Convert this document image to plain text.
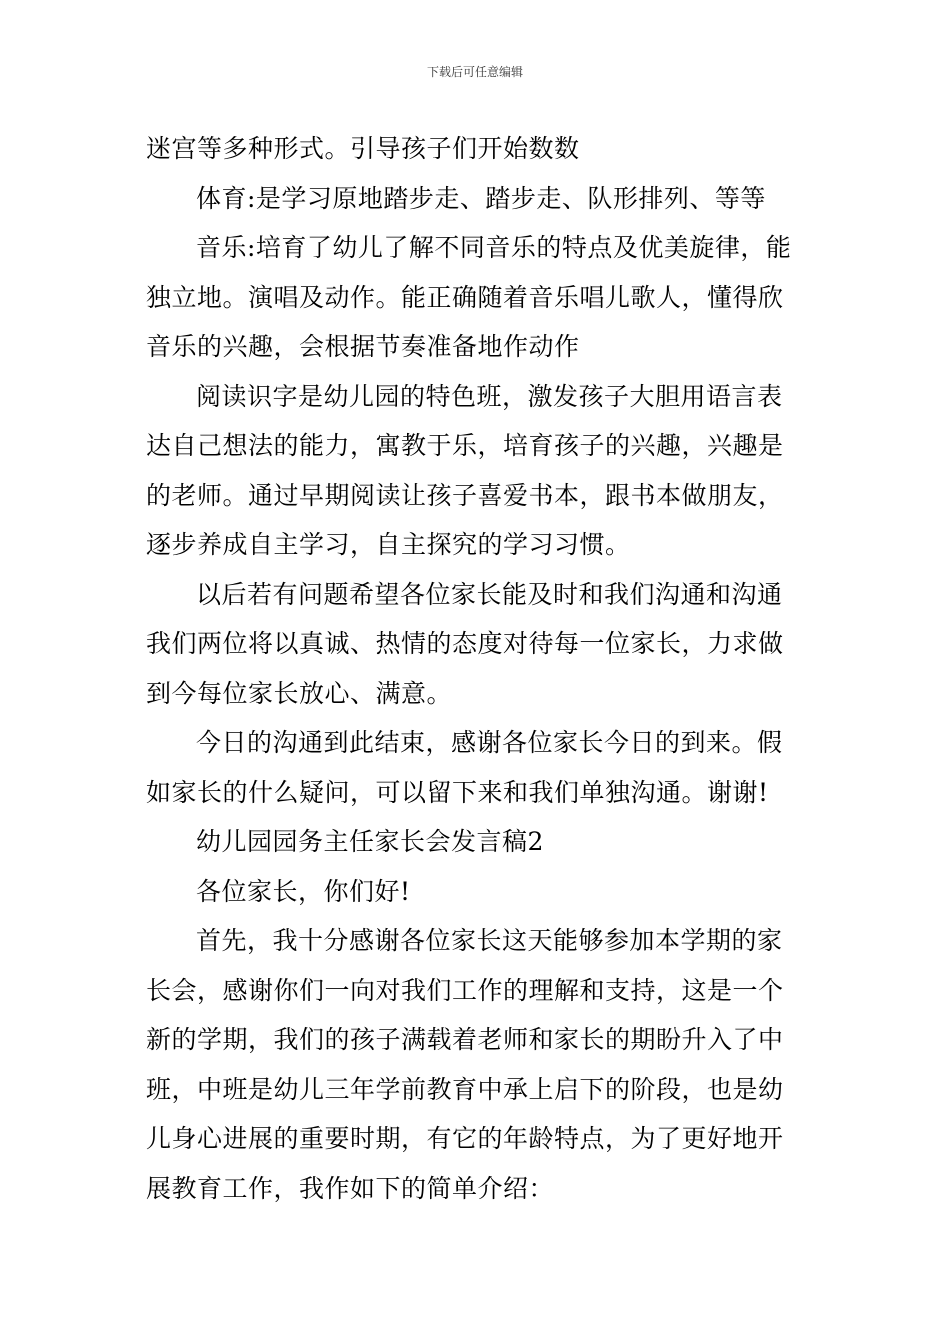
下载后可任意编辑
迷宫等多种形式。引导孩子们开始数数
体育:是学习原地踏步走、踏步走、队形排列、等等
音乐:培育了幼儿了解不同音乐的特点及优美旋律，能
独立地。演唱及动作。能正确随着音乐唱儿歌人，懂得欣
音乐的兴趣，会根据节奏准备地作动作
阅读识字是幼儿园的特色班，激发孩子大胆用语言表
达自己想法的能力，寓教于乐，培育孩子的兴趣，兴趣是
的老师。通过早期阅读让孩子喜爱书本，跟书本做朋友，
逐步养成自主学习，自主探究的学习习惯。
以后若有问题希望各位家长能及时和我们沟通和沟通
我们两位将以真诚、热情的态度对待每一位家长，力求做
到今每位家长放心、满意。
今日的沟通到此结束，感谢各位家长今日的到来。假
如家长的什么疑问，可以留下来和我们单独沟通。谢谢!
幼儿园园务主任家长会发言稿2
各位家长，你们好!
首先，我十分感谢各位家长这天能够参加本学期的家
长会，感谢你们一向对我们工作的理解和支持，这是一个
新的学期，我们的孩子满载着老师和家长的期盼升入了中
班，中班是幼儿三年学前教育中承上启下的阶段，也是幼
儿身心进展的重要时期，有它的年龄特点，为了更好地开
展教育工作，我作如下的简单介绍：
